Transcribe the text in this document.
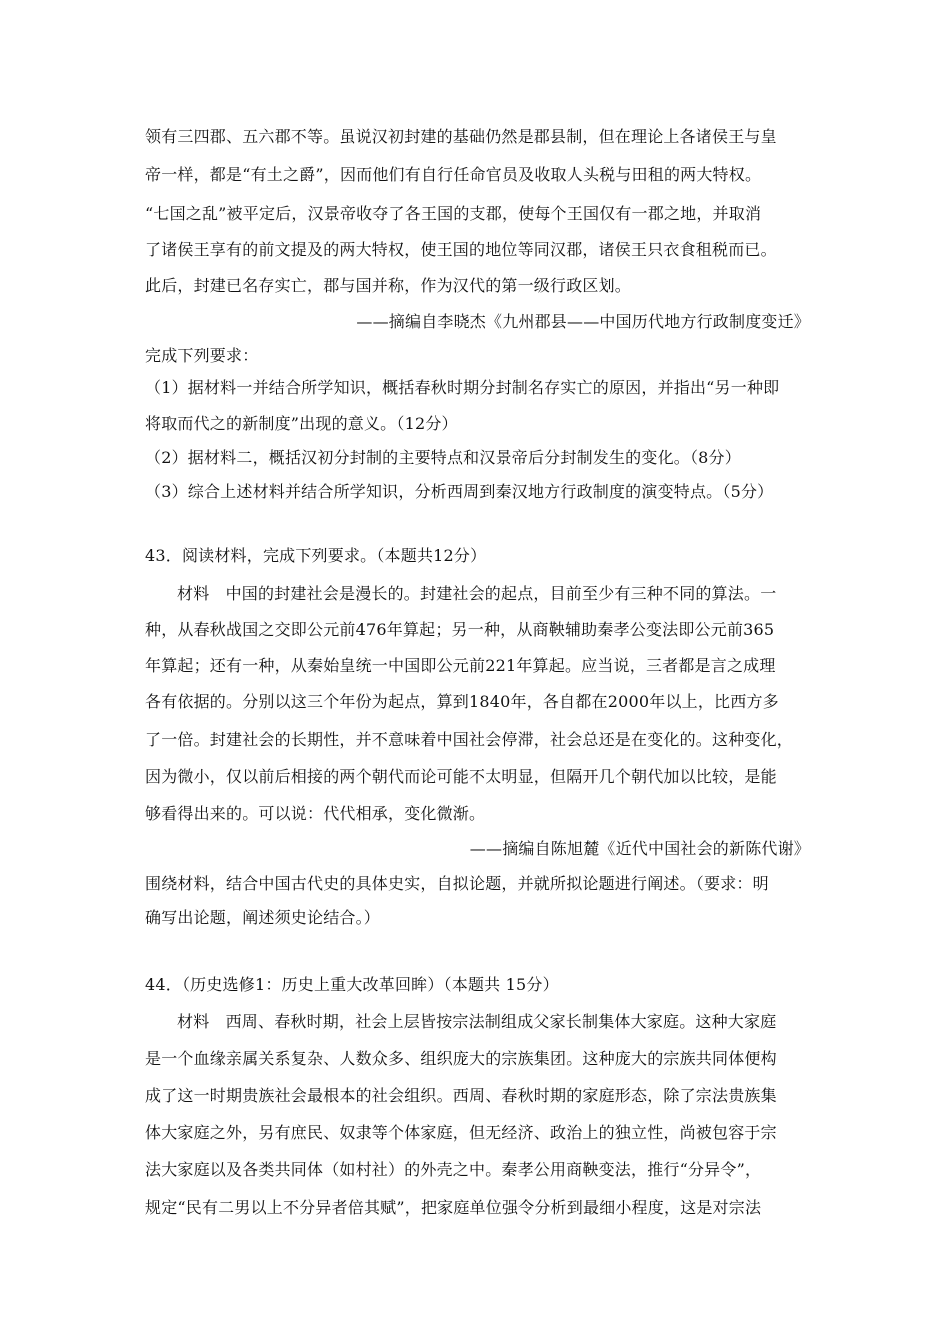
领有三四郡、五六郡不等。虽说汉初封建的基础仍然是郡县制，但在理论上各诸侯王与皇
帝一样，都是“有土之爵”，因而他们有自行任命官员及收取人头税与田租的两大特权。
“七国之乱”被平定后，汉景帝收夺了各王国的支郡，使每个王国仅有一郡之地，并取消
了诸侯王享有的前文提及的两大特权，使王国的地位等同汉郡，诸侯王只衣食租税而已。
此后，封建已名存实亡，郡与国并称，作为汉代的第一级行政区划。
——摘编自李晓杰《九州郡县——中国历代地方行政制度变迁》
完成下列要求：
（1）据材料一并结合所学知识，概括春秋时期分封制名存实亡的原因，并指出“另一种即
将取而代之的新制度”出现的意义。（12分）
（2）据材料二，概括汉初分封制的主要特点和汉景帝后分封制发生的变化。（8分）
（3）综合上述材料并结合所学知识，分析西周到秦汉地方行政制度的演变特点。（5分）
43．阅读材料，完成下列要求。（本题共12分）
材料　中国的封建社会是漫长的。封建社会的起点，目前至少有三种不同的算法。一
种，从春秋战国之交即公元前476年算起；另一种，从商鞅辅助秦孝公变法即公元前365
年算起；还有一种，从秦始皇统一中国即公元前221年算起。应当说，三者都是言之成理
各有依据的。分别以这三个年份为起点，算到1840年，各自都在2000年以上，比西方多
了一倍。封建社会的长期性，并不意味着中国社会停滞，社会总还是在变化的。这种变化，
因为微小，仅以前后相接的两个朝代而论可能不太明显，但隔开几个朝代加以比较，是能
够看得出来的。可以说：代代相承，变化微渐。
——摘编自陈旭麓《近代中国社会的新陈代谢》
围绕材料，结合中国古代史的具体史实，自拟论题，并就所拟论题进行阐述。（要求：明
确写出论题，阐述须史论结合。）
44．（历史选修1：历史上重大改革回眸）（本题共 15分）
材料　西周、春秋时期，社会上层皆按宗法制组成父家长制集体大家庭。这种大家庭
是一个血缘亲属关系复杂、人数众多、组织庞大的宗族集团。这种庞大的宗族共同体便构
成了这一时期贵族社会最根本的社会组织。西周、春秋时期的家庭形态，除了宗法贵族集
体大家庭之外，另有庶民、奴隶等个体家庭，但无经济、政治上的独立性，尚被包容于宗
法大家庭以及各类共同体（如村社）的外壳之中。秦孝公用商鞅变法，推行“分异令”，
规定“民有二男以上不分异者倍其赋”，把家庭单位强令分析到最细小程度，这是对宗法
